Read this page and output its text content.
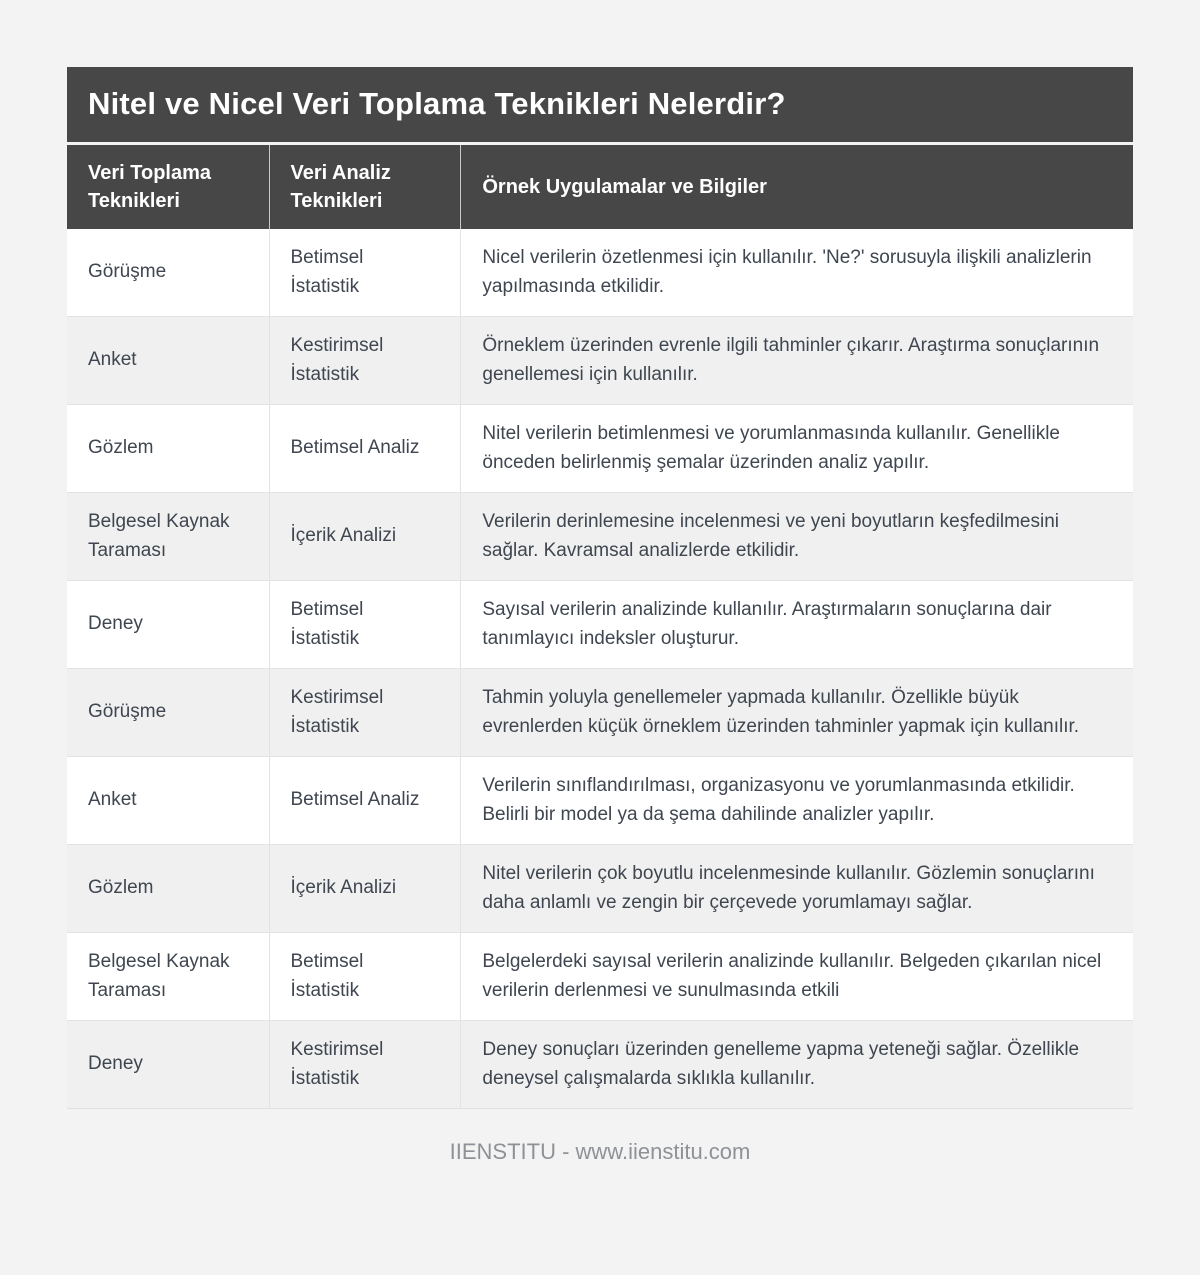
Nitel ve Nicel Veri Toplama Teknikleri Nelerdir?
Veri Toplama Teknikleri	Veri Analiz Teknikleri	Örnek Uygulamalar ve Bilgiler
Görüşme	Betimsel İstatistik	Nicel verilerin özetlenmesi için kullanılır. 'Ne?' sorusuyla ilişkili analizlerin yapılmasında etkilidir.
Anket	Kestirimsel İstatistik	Örneklem üzerinden evrenle ilgili tahminler çıkarır. Araştırma sonuçlarının genellemesi için kullanılır.
Gözlem	Betimsel Analiz	Nitel verilerin betimlenmesi ve yorumlanmasında kullanılır. Genellikle önceden belirlenmiş şemalar üzerinden analiz yapılır.
Belgesel Kaynak Taraması	İçerik Analizi	Verilerin derinlemesine incelenmesi ve yeni boyutların keşfedilmesini sağlar. Kavramsal analizlerde etkilidir.
Deney	Betimsel İstatistik	Sayısal verilerin analizinde kullanılır. Araştırmaların sonuçlarına dair tanımlayıcı indeksler oluşturur.
Görüşme	Kestirimsel İstatistik	Tahmin yoluyla genellemeler yapmada kullanılır. Özellikle büyük evrenlerden küçük örneklem üzerinden tahminler yapmak için kullanılır.
Anket	Betimsel Analiz	Verilerin sınıflandırılması, organizasyonu ve yorumlanmasında etkilidir. Belirli bir model ya da şema dahilinde analizler yapılır.
Gözlem	İçerik Analizi	Nitel verilerin çok boyutlu incelenmesinde kullanılır. Gözlemin sonuçlarını daha anlamlı ve zengin bir çerçevede yorumlamayı sağlar.
Belgesel Kaynak Taraması	Betimsel İstatistik	Belgelerdeki sayısal verilerin analizinde kullanılır. Belgeden çıkarılan nicel verilerin derlenmesi ve sunulmasında etkili
Deney	Kestirimsel İstatistik	Deney sonuçları üzerinden genelleme yapma yeteneği sağlar. Özellikle deneysel çalışmalarda sıklıkla kullanılır.
IIENSTITU - www.iienstitu.com
